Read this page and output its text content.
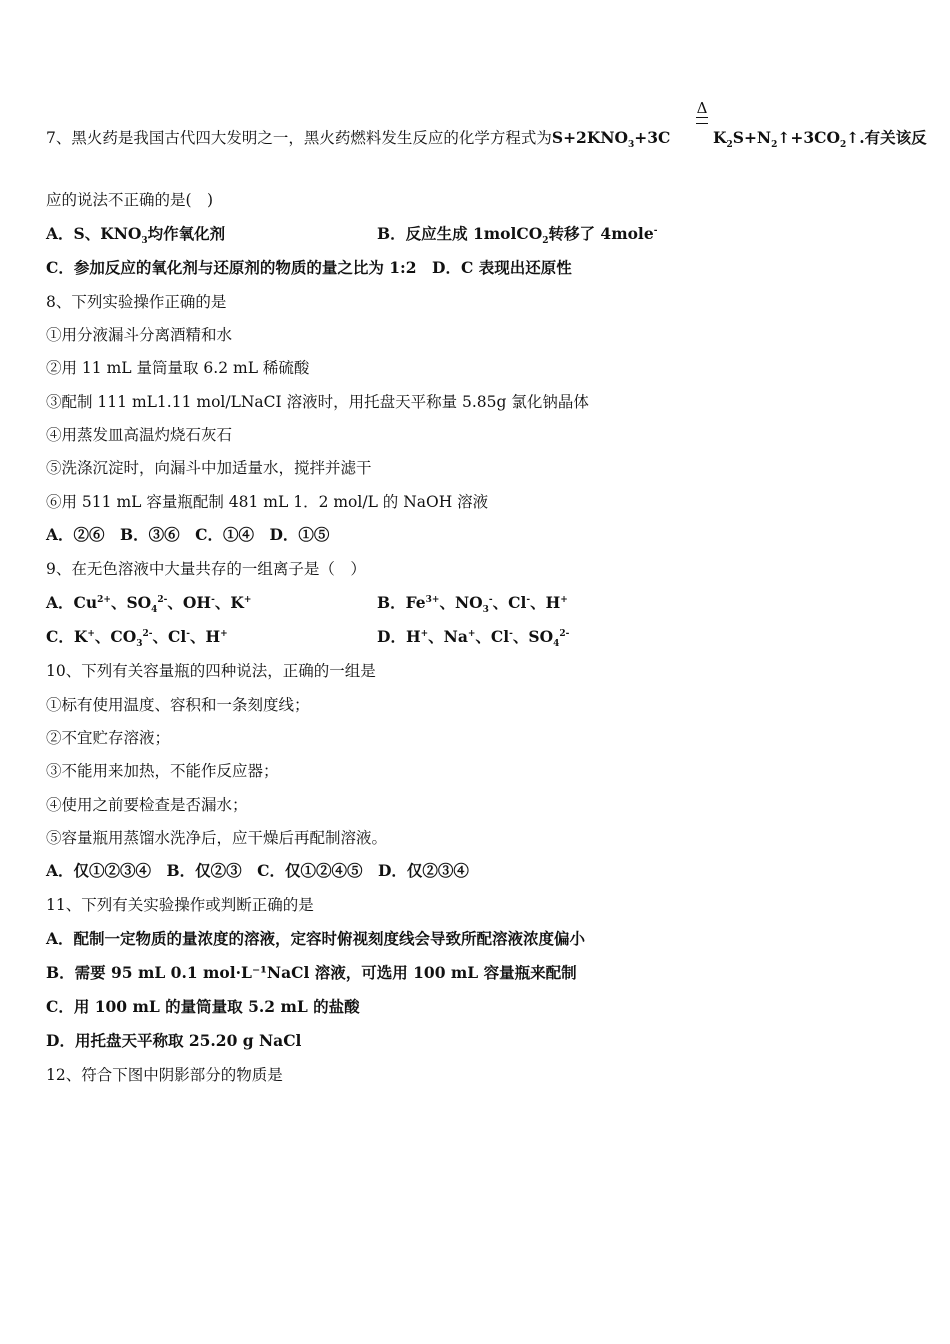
Δ
7、黑火药是我国古代四大发明之一，黑火药燃料发生反应的化学方程式为$S+2KNO_3+3C$	$K_2S+N_2↑+3CO_2↑$.有关该反
应的说法不正确的是(　)
A．S、$KNO_3$均作氧化剂	B．反应生成 1molCO$_2$转移了 4mole-
C．参加反应的氧化剂与还原剂的物质的量之比为 1:2　D．C 表现出还原性
8、下列实验操作正确的是
①用分液漏斗分离酒精和水
②用 11 mL 量筒量取 6.2 mL 稀硫酸
③配制 111 mL1.11 mol/LNaCI 溶液时，用托盘天平称量 5.85g 氯化钠晶体
④用蒸发皿高温灼烧石灰石
⑤洗涤沉淀时，向漏斗中加适量水，搅拌并滤干
⑥用 511 mL 容量瓶配制 481 mL 1．2 mol/L 的 NaOH 溶液
A．②⑥　B．③⑥　C．①④　D．①⑤
9、在无色溶液中大量共存的一组离子是（　）
A．$Cu^{2+}$、$SO_4^{2-}$、OH-、K+	B．$Fe^{3+}$、$NO_3^-$、Cl-、H+
C．K+、$CO_3^{2-}$、Cl-、H+	D．H+、Na+、Cl-、$SO_4^{2-}$
10、下列有关容量瓶的四种说法，正确的一组是
①标有使用温度、容积和一条刻度线；
②不宜贮存溶液；
③不能用来加热，不能作反应器；
④使用之前要检查是否漏水；
⑤容量瓶用蒸馏水洗净后，应干燥后再配制溶液。
A．仅①②③④　B．仅②③　C．仅①②④⑤　D．仅②③④
11、下列有关实验操作或判断正确的是
A．配制一定物质的量浓度的溶液，定容时俯视刻度线会导致所配溶液浓度偏小
B．需要 95 mL 0.1 mol·L⁻¹NaCl 溶液，可选用 100 mL 容量瓶来配制
C．用 100 mL 的量筒量取 5.2 mL 的盐酸
D．用托盘天平称取 25.20 g NaCl
12、符合下图中阴影部分的物质是
